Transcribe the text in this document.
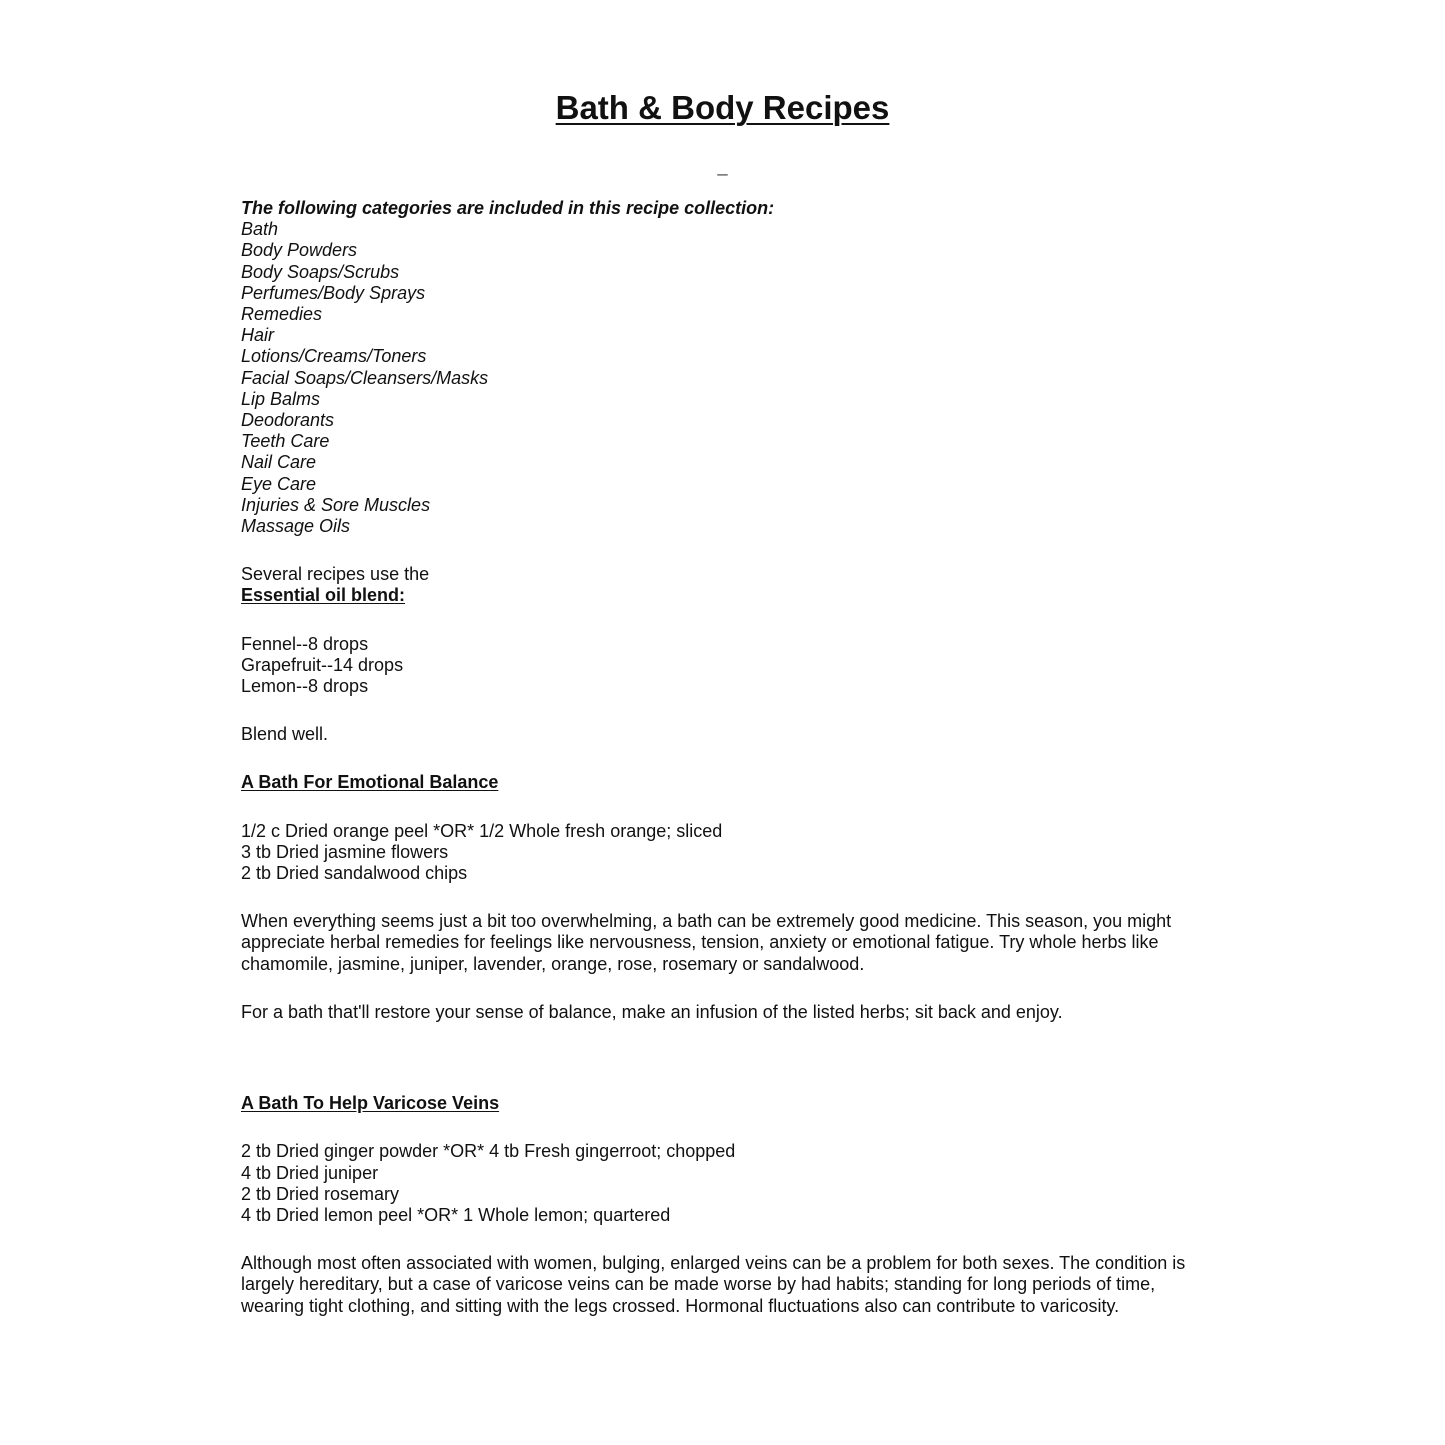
Bath & Body Recipes
_

The following categories are included in this recipe collection:

Bath
Body Powders
Body Soaps/Scrubs
Perfumes/Body Sprays
Remedies
Hair
Lotions/Creams/Toners
Facial Soaps/Cleansers/Masks
Lip Balms
Deodorants
Teeth Care
Nail Care
Eye Care
Injuries & Sore Muscles
Massage Oils

Several recipes use the

Essential oil blend:

Fennel--8 drops
Grapefruit--14 drops
Lemon--8 drops

Blend well.

A Bath For Emotional Balance

1/2 c Dried orange peel *OR* 1/2 Whole fresh orange; sliced
3 tb Dried jasmine flowers
2 tb Dried sandalwood chips

When everything seems just a bit too overwhelming, a bath can be extremely good medicine. This season, you might appreciate herbal remedies for feelings like nervousness, tension, anxiety or emotional fatigue. Try whole herbs like chamomile, jasmine, juniper, lavender, orange, rose, rosemary or sandalwood.

For a bath that'll restore your sense of balance, make an infusion of the listed herbs; sit back and enjoy.

A Bath To Help Varicose Veins

2 tb Dried ginger powder *OR* 4 tb Fresh gingerroot; chopped
4 tb Dried juniper
2 tb Dried rosemary
4 tb Dried lemon peel *OR* 1 Whole lemon; quartered

Although most often associated with women, bulging, enlarged veins can be a problem for both sexes. The condition is largely hereditary, but a case of varicose veins can be made worse by had habits; standing for long periods of time, wearing tight clothing, and sitting with the legs crossed. Hormonal fluctuations also can contribute to varicosity.
